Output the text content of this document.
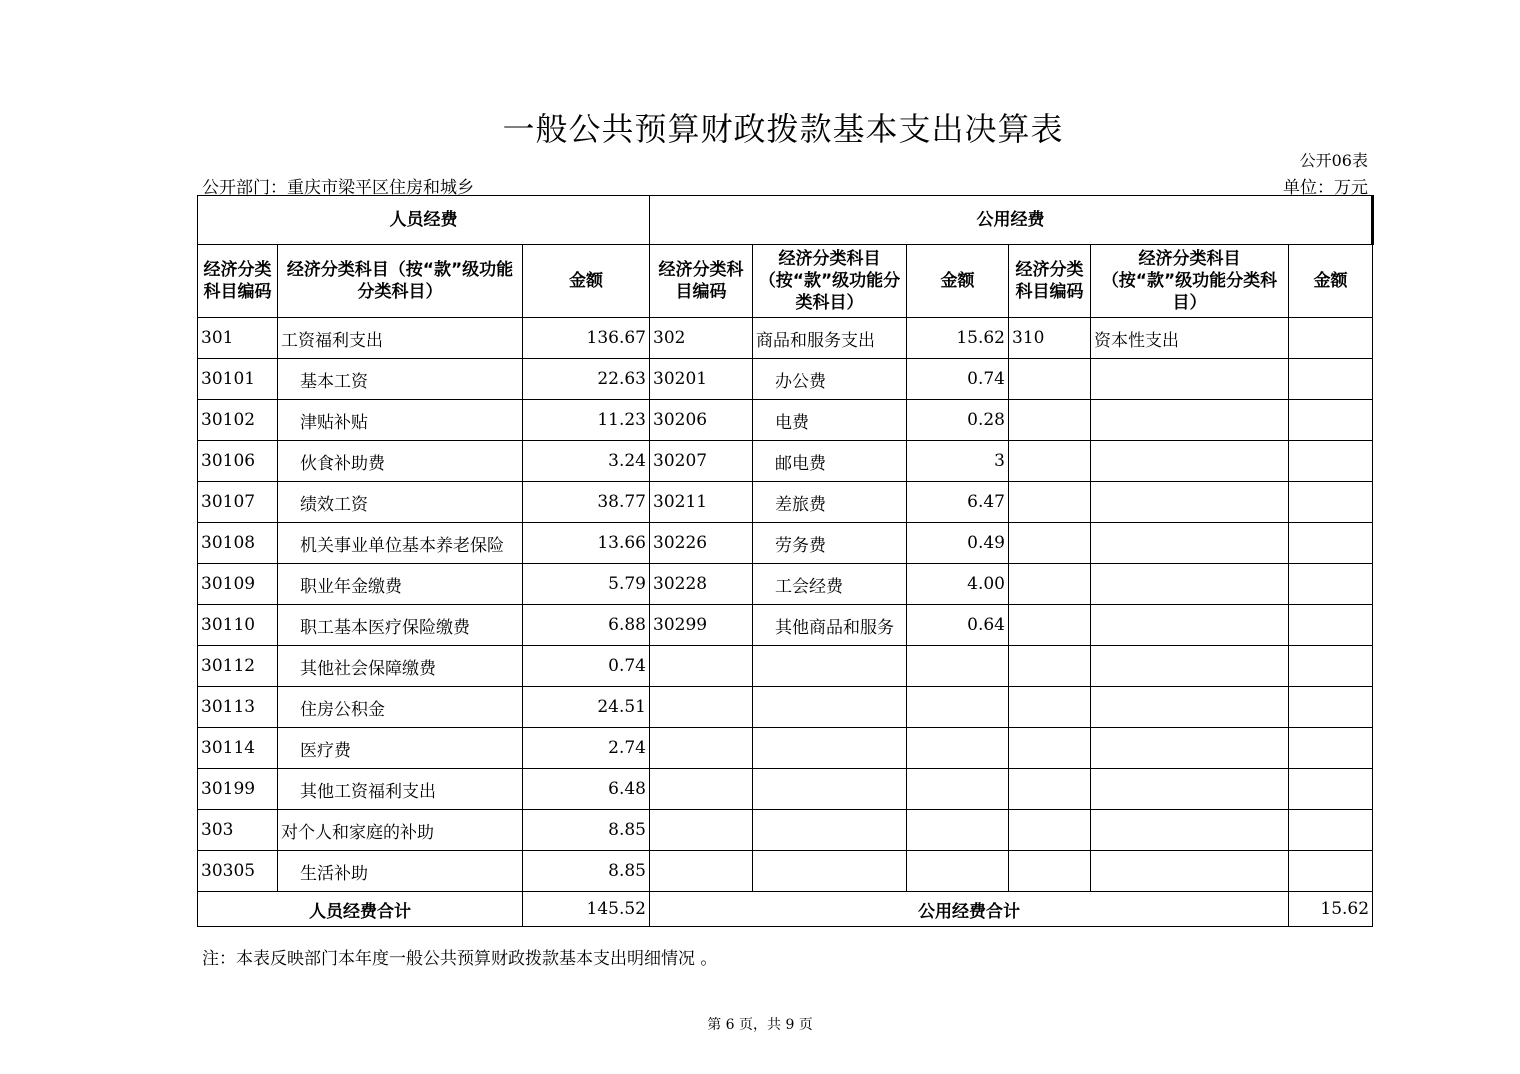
一般公共预算财政拨款基本支出决算表
公开06表
公开部门：重庆市梁平区住房和城乡	单位：万元
人员经费			公用经费					
经济分类科目编码	经济分类科目（按“款”级功能分类科目）	金额	经济分类科目编码	经济分类科目（按“款”级功能分类科目）	金额	经济分类科目编码	经济分类科目（按“款”级功能分类科目）	金额
301	工资福利支出	136.67	302	商品和服务支出	15.62	310	资本性支出	
30101	基本工资	22.63	30201	办公费	0.74			
30102	津贴补贴	11.23	30206	电费	0.28			
30106	伙食补助费	3.24	30207	邮电费	3			
30107	绩效工资	38.77	30211	差旅费	6.47			
30108	机关事业单位基本养老保险	13.66	30226	劳务费	0.49			
30109	职业年金缴费	5.79	30228	工会经费	4.00			
30110	职工基本医疗保险缴费	6.88	30299	其他商品和服务	0.64			
30112	其他社会保障缴费	0.74						
30113	住房公积金	24.51						
30114	医疗费	2.74						
30199	其他工资福利支出	6.48						
303	对个人和家庭的补助	8.85						
30305	生活补助	8.85						
人员经费合计		145.52	公用经费合计					15.62
注：本表反映部门本年度一般公共预算财政拨款基本支出明细情况 。
第 6 页，共 9 页
